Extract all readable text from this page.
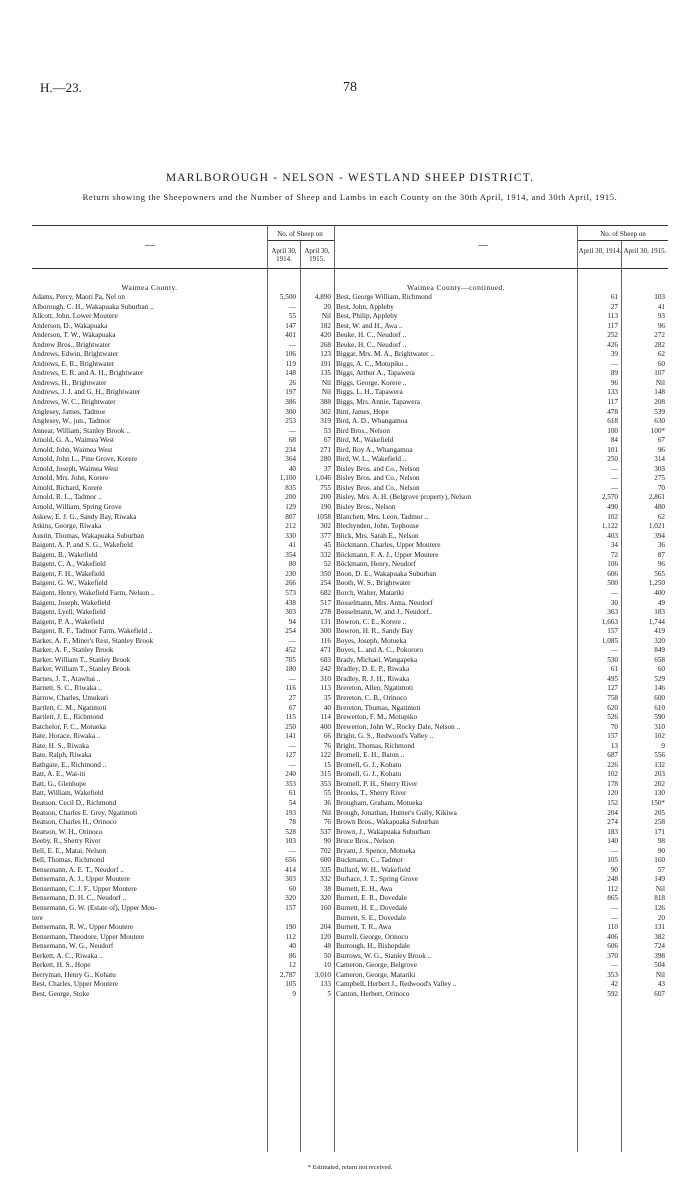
H.—23.	78
MARLBOROUGH - NELSON - WESTLAND SHEEP DISTRICT.
Return showing the Sheepowners and the Number of Sheep and Lambs in each County on the 30th April, 1914, and 30th April, 1915.
—
No. of Sheep on
April 30, 1914.
April 30, 1915.
—
No. of Sheep on
April 30, 1914. April 30, 1915.
Waimea County.	Waimea County—continued.
Adams, Percy, Maori Pa, Nel on	5,500	4,890
Alborough, C. H., Wakapuaka Suburban ..	—	20
Allcott, John, Lower Moutere	55	Nil
Anderson, D., Wakapuaka	147	182
Anderson, T. W., Wakapuaka	401	420
Andrew Bros., Brightwater	—	268
Andrews, Edwin, Brightwater	106	123
Andrews, E. R., Brightwater	119	191
Andrews, E. R. and A. H., Brightwater	148	135
Andrews, H., Brightwater	26	Nil
Andrews, J. J. and G. H., Brightwater	197	Nil
Andrews, W. C., Brightwater	386	388
Anglesey, James, Tadmor	300	302
Anglesey, W., jun., Tadmor	253	319
Annear, William, Stanley Brook ..	—	53
Arnold, G. A., Waimea West	68	67
Arnold, John, Waimea West	234	271
Arnold, John L., Pine Grove, Korere	364	280
Arnold, Joseph, Waimea West	40	37
Arnold, Mrs. John, Korere	1,100	1,046
Arnold, Richard, Korere	835	755
Arnold, R. L., Tadmor ..	200	200
Arnold, William, Spring Grove	129	190
Askew, E. J. G., Sandy Bay, Riwaka	807	1058
Atkins, George, Riwaka	212	302
Austin, Thomas, Wakapuaka Suburban	330	377
Baigent, A. P. and S. G., Wakefield	41	45
Baigent, B., Wakefield	354	332
Baigent, C. A., Wakefield	80	52
Baigent, F. H., Wakefield	230	350
Baigent, G. W., Wakefield	266	254
Baigent, Henry, Wakefield Farm, Nelson ..	573	682
Baigent, Joseph, Wakefield	438	517
Baigent, Lyell, Wakefield	303	278
Baigent, P. A., Wakefield	94	131
Baigent, R. F., Tadmor Farm, Wakefield ..	254	300
Barker, A. F., Miner's Rest, Stanley Brook	—	116
Barker, A. F., Stanley Brook	452	471
Barker, William T., Stanley Brook	705	683
Barker, William T., Stanley Brook	180	242
Barnes, J. T., Atawhai ..	—	310
Barnett, S. C., Riwaka ..	116	113
Barrow, Charles, Umukuri	27	35
Bartlett, C. M., Ngatimoti	67	40
Bartlett, J. E., Richmond	115	114
Batchelor, F. C., Motueka	250	400
Bate, Horace, Riwaka ..	141	66
Bate, H. S., Riwaka	—	76
Bate, Ralph, Riwaka	127	122
Bathgate, E., Richmond ..	—	15
Batt, A. E., Wai-iti	240	315
Batt, G., Glenhope	353	353
Batt, William, Wakefield	61	55
Beatson, Cecil D., Richmond	54	36
Beatson, Charles E. Grey, Ngatimoti	193	Nil
Beatson, Charles H., Orinoco	78	76
Beatson, W. H., Orinoco	528	537
Beeby, R., Sherry River	103	90
Bell, E. E., Matai, Nelson	—	702
Bell, Thomas, Richmond	656	600
Bensemann, A. E. T., Neudorf ..	414	335
Bensemann, A. J., Upper Moutere	303	332
Bensemann, C. J. F., Upper Moutere	60	38
Bensemann, D. H. C., Neudorf ..	320	320
Bensemann, G. W. (Estate of), Upper Mou-	157	160
tere
Bensemann, R. W., Upper Moutere	190	204
Bensemann, Theodore, Upper Moutere	112	120
Bensemann, W. G., Neudorf	40	48
Berkett, A. C., Riwaka ..	86	50
Berkett, H. S., Hope	12	10
Berryman, Henry G., Kohatu	2,787	3,010
Best, Charles, Upper Moutere	105	133
Best, George, Stoke	9	5
Best, George William, Richmond	61	103
Best, John, Appleby	27	41
Best, Philip, Appleby	113	93
Best, W. and H., Awa ..	117	96
Beuke, H. C., Neudorf ..	252	272
Beuke, H. C., Neudorf ..	426	282
Biggar, Mrs. M. A., Brightwater ..	39	62
Biggs, A. C., Motupiko ..	—	60
Biggs, Arthur A., Tapawera	89	107
Biggs, George, Korere ..	96	Nil
Biggs, L. H., Tapawera	133	148
Biggs, Mrs. Annie, Tapawera	117	208
Bint, James, Hope	478	539
Bird, A. D., Whangamoa	618	630
Bird Bros., Nelson	100	100*
Bird, M., Wakefield	84	67
Bird, Roy A., Whangamoa	101	96
Bird, W. L., Wakefield ..	250	314
Bisley Bros. and Co., Nelson	—	303
Bisley Bros. and Co., Nelson	—	275
Bisley Bros. and Co., Nelson	—	70
Bisley, Mrs. A. H. (Belgrove property), Nelson	2,570	2,861
Bisley Bros., Nelson	490	480
Blanchett, Mrs. Leon, Tadmor ..	102	62
Blechynden, John, Tophouse	1,122	1,021
Blick, Mrs. Sarah E., Nelson	403	394
Böckmann, Charles, Upper Moutere	34	36
Böckmann, F. A. J., Upper Moutere	72	87
Böckmann, Henry, Neudorf	106	96
Boon, D. E., Wakapuaka Suburban	606	565
Booth, W. S., Brightwater	500	1,250
Borch, Walter, Matariki	—	400
Bosselmann, Mrs. Anna, Neudorf	30	49
Bosselmann, W. and J., Neudorf..	363	183
Bowron, C. E., Korere ..	1,663	1,744
Bowron, H. R., Sandy Bay	157	419
Boyes, Joseph, Motueka	1,085	320
Boyes, L. and A. C., Pokororo	—	849
Brady, Michael, Wangapeka	530	658
Bradley, D. E. P., Riwaka	61	60
Bradley, R. J. H., Riwaka	495	529
Brereton, Allen, Ngatimoti	127	146
Brereton, C. B., Orinoco	758	600
Brereton, Thomas, Ngatimoti	620	610
Brewerton, F. M., Motupiko	526	590
Brewerton, John W., Rocky Dale, Nelson ..	70	310
Bright, G. S., Redwood's Valley ..	157	102
Bright, Thomas, Richmond	13	9
Bromell, E. H., Baton ..	687	556
Bromell, G. J., Kohatu	226	132
Bromell, G. J., Kohatu	102	203
Bromell, P. H., Sherry River	178	202
Brooks, T., Sherry River	120	130
Brougham, Graham, Motueka	152	150*
Brough, Jonathan, Hunter's Gully, Kikiwa	204	205
Brown Bros., Wakapuaka Suburban	274	258
Brown, J., Wakapuaka Suburban	183	171
Bruce Bros., Nelson	140	98
Bryant, J. Spence, Motueka	—	90
Buckmann, C., Tadmor	105	160
Bullard, W. H., Wakefield	90	57
Burhace, J. T., Spring Grove	248	149
Burnett, E. H., Awa	112	Nil
Burnett, E. R., Dovedale	865	818
Burnett, H. E., Dovedale	—	126
Burnett, S. E., Dovedale	—	20
Burnett, T. R., Awa	110	131
Burrell, George, Orinoco	406	382
Burrough, H., Bishopdale	606	724
Burrows, W. G., Stanley Brook ..	370	398
Cameron, George, Belgrove	—	504
Cameron, George, Matariki	353	Nil
Campbell, Herbert J., Redwood's Valley ..	42	43
Canton, Herbert, Orinoco	592	607
* Estimated, return not received.
